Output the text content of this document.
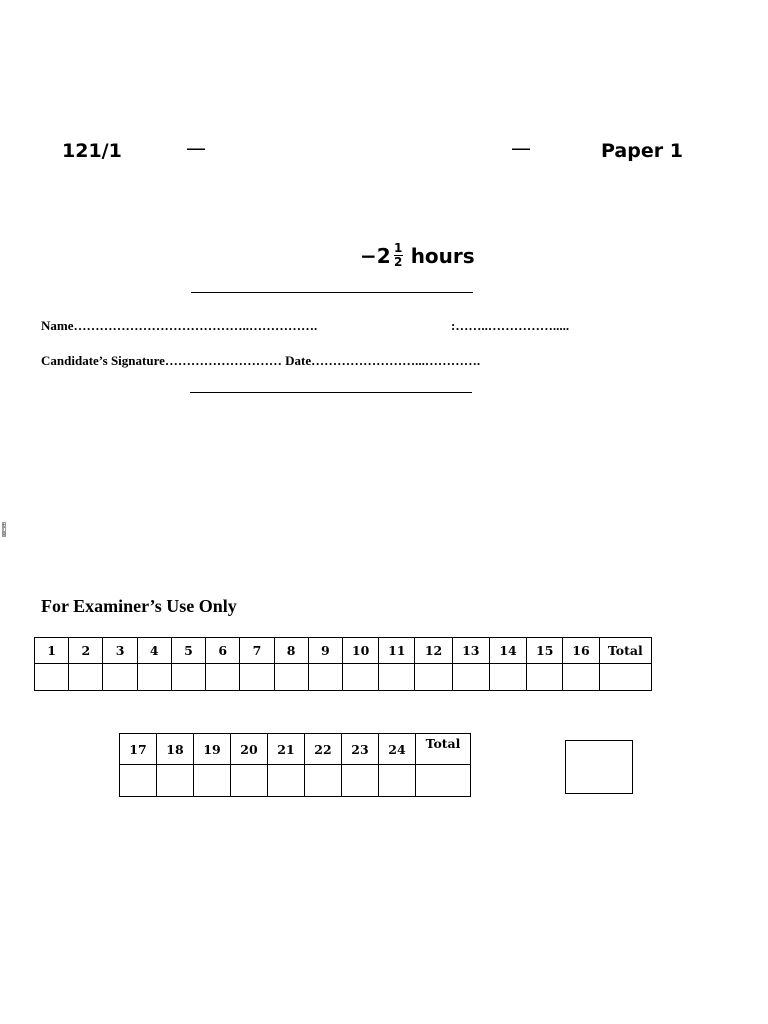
121/1	—	—	Paper 1
$-2 \frac{1}{2}$ hours
Name…………………………………..…………….	:……..…………….....
Candidate’s Signature……………………… Date……………………...………….
⊞⊟⊠
For Examiner’s Use Only
1	2	3	4	5	6	7	8	9	10	11	12	13	14	15	16	Total

17	18	19	20	21	22	23	24	Total
